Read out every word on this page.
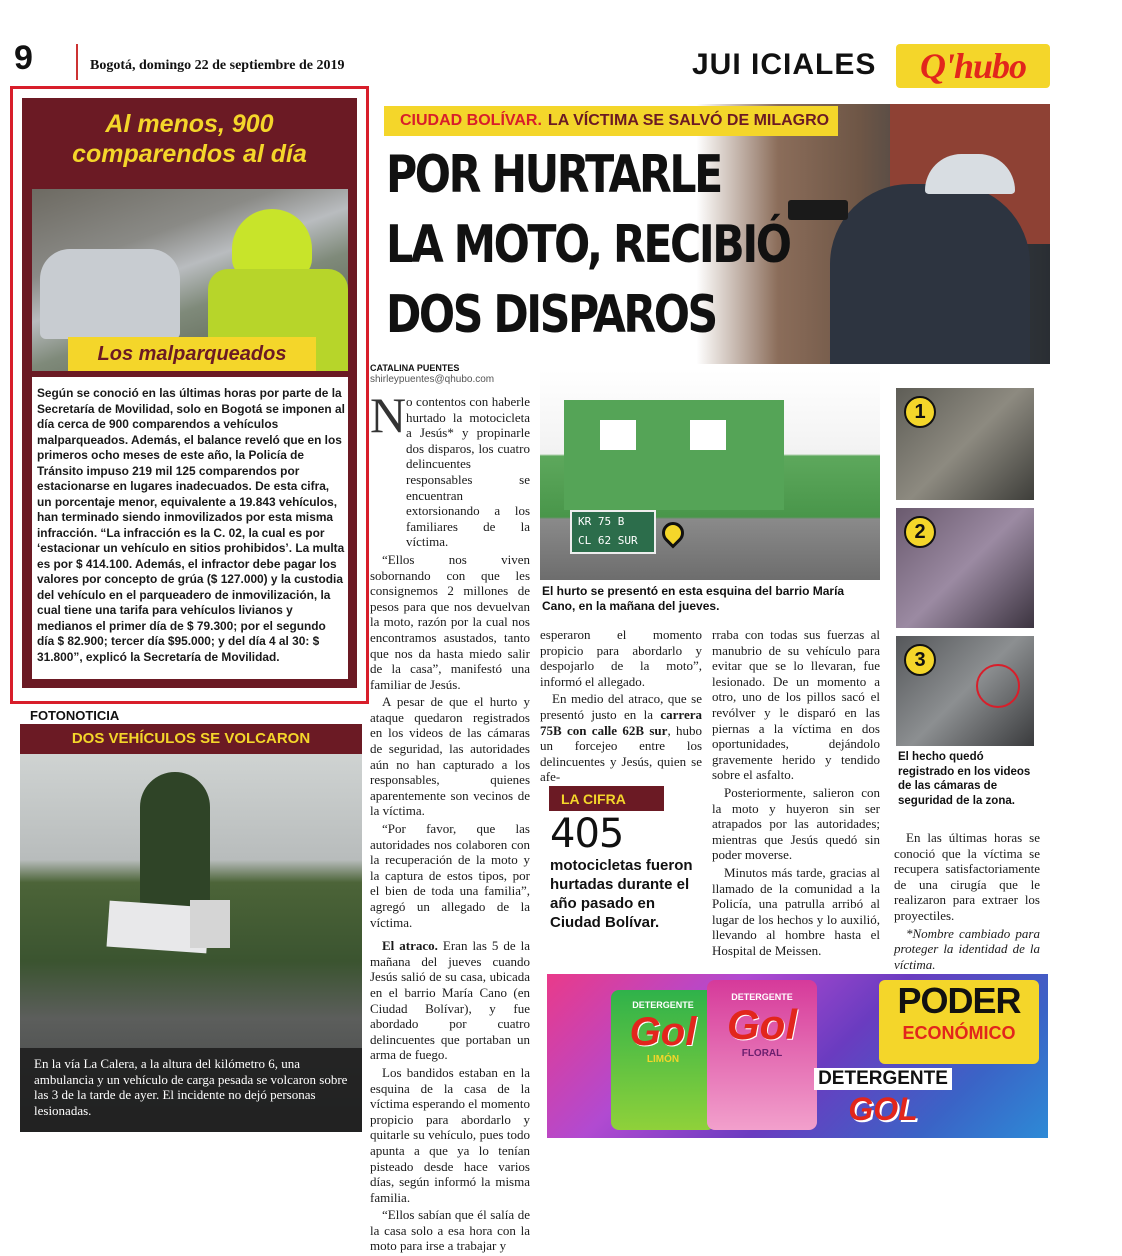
9	Bogotá, domingo 22 de septiembre de 2019	JUI ICIALES Q'hubo
Al menos, 900
comparendos al día
Los malparqueados
Según se conoció en las últimas horas por parte de la Secretaría de Movilidad, solo en Bogotá se imponen al día cerca de 900 comparendos a vehículos malparqueados. Además, el balance reveló que en los primeros ocho meses de este año, la Policía de Tránsito impuso 219 mil 125 comparendos por estacionarse en lugares inadecuados. De esta cifra, un porcentaje menor, equivalente a 19.843 vehículos, han terminado siendo inmovilizados por esta misma infracción. “La infracción es la C. 02, la cual es por ‘estacionar un vehículo en sitios prohibidos’. La multa es por $ 414.100. Además, el infractor debe pagar los valores por concepto de grúa ($ 127.000) y la custodia del vehículo en el parqueadero de inmovilización, la cual tiene una tarifa para vehículos livianos y medianos el primer día de $ 79.300; por el segundo día $ 82.900; tercer día $95.000; y del día 4 al 30: $ 31.800”, explicó la Secretaría de Movilidad.
FOTONOTICIA
DOS VEHÍCULOS SE VOLCARON
En la vía La Calera, a la altura del kilómetro 6, una ambulancia y un vehículo de carga pesada se volcaron sobre las 3 de la tarde de ayer. El incidente no dejó personas lesionadas.
CIUDAD BOLÍVAR. LA VÍCTIMA SE SALVÓ DE MILAGRO
POR HURTARLE
LA MOTO, RECIBIÓ
DOS DISPAROS
CATALINA PUENTES
shirleypuentes@qhubo.com
N o contentos con haberle hurtado la motocicleta a Jesús* y propinarle dos disparos, los cuatro delincuentes responsables se encuentran extorsionando a los familiares de la víctima.

“Ellos nos viven sobornando con que les consignemos 2 millones de pesos para que nos devuelvan la moto, razón por la cual nos encontramos asustados, tanto que nos da hasta miedo salir de la casa”, manifestó una familiar de Jesús.

A pesar de que el hurto y ataque quedaron registrados en los videos de las cámaras de seguridad, las autoridades aún no han capturado a los responsables, quienes aparentemente son vecinos de la víctima.

“Por favor, que las autoridades nos colaboren con la recuperación de la moto y la captura de estos tipos, por el bien de toda una familia”, agregó un allegado de la víctima.

El atraco. Eran las 5 de la mañana del jueves cuando Jesús salió de su casa, ubicada en el barrio María Cano (en Ciudad Bolívar), y fue abordado por cuatro delincuentes que portaban un arma de fuego.

Los bandidos estaban en la esquina de la casa de la víctima esperando el momento propicio para abordarlo y quitarle su vehículo, pues todo apunta a que ya lo tenían pisteado desde hace varios días, según informó la misma familia.

“Ellos sabían que él salía de la casa solo a esa hora con la moto para irse a trabajar y

KR 75 B
CL 62 SUR
El hurto se presentó en esta esquina del barrio María Cano, en la mañana del jueves.

esperaron el momento propicio para abordarlo y despojarlo de la moto”, informó el allegado.

En medio del atraco, que se presentó justo en la carrera 75B con calle 62B sur, hubo un forcejeo entre los delincuentes y Jesús, quien se afe-

LA CIFRA
405
motocicletas fueron hurtadas durante el año pasado en Ciudad Bolívar.

rraba con todas sus fuerzas al manubrio de su vehículo para evitar que se lo llevaran, fue lesionado. De un momento a otro, uno de los pillos sacó el revólver y le disparó en las piernas a la víctima en dos oportunidades, dejándolo gravemente herido y tendido sobre el asfalto.

Posteriormente, salieron con la moto y huyeron sin ser atrapados por las autoridades; mientras que Jesús quedó sin poder moverse.

Minutos más tarde, gracias al llamado de la comunidad a la Policía, una patrulla arribó al lugar de los hechos y lo auxilió, llevando al hombre hasta el Hospital de Meissen.

1
2
3
El hecho quedó registrado en los videos de las cámaras de seguridad de la zona.

En las últimas horas se conoció que la víctima se recupera satisfactoriamente de una cirugía que le realizaron para extraer los proyectiles.

*Nombre cambiado para proteger la identidad de la víctima.

DETERGENTE
Gol
LIMÓN
DETERGENTE
Gol
FLORAL
PODER
ECONÓMICO
DETERGENTE
GOL
